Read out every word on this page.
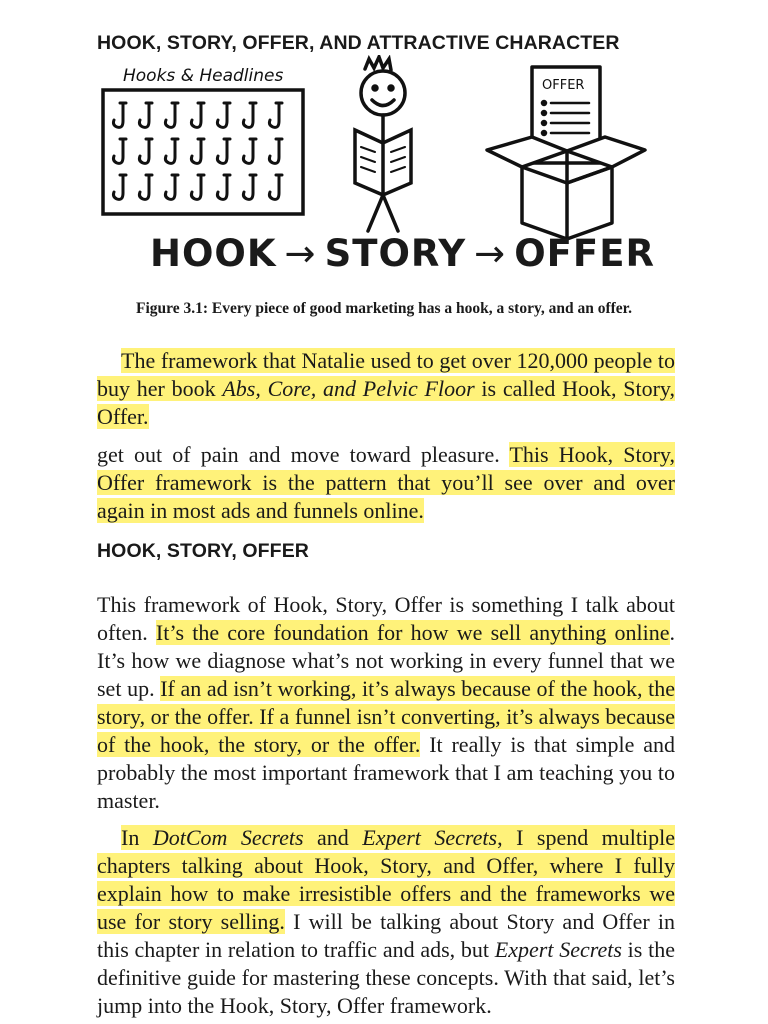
HOOK, STORY, OFFER, AND ATTRACTIVE CHARACTER
Hooks & Headlines	OFFER
HOOK → STORY → OFFER
Figure 3.1: Every piece of good marketing has a hook, a story, and an offer.
The framework that Natalie used to get over 120,000 people to buy her book Abs, Core, and Pelvic Floor is called Hook, Story, Offer.
get out of pain and move toward pleasure. This Hook, Story, Offer framework is the pattern that you’ll see over and over again in most ads and funnels online.
HOOK, STORY, OFFER
This framework of Hook, Story, Offer is something I talk about often. It’s the core foundation for how we sell anything online. It’s how we diagnose what’s not working in every funnel that we set up. If an ad isn’t working, it’s always because of the hook, the story, or the offer. If a funnel isn’t converting, it’s always because of the hook, the story, or the offer. It really is that simple and probably the most important framework that I am teaching you to master.
In DotCom Secrets and Expert Secrets, I spend multiple chapters talking about Hook, Story, and Offer, where I fully explain how to make irresistible offers and the frameworks we use for story selling. I will be talking about Story and Offer in this chapter in relation to traffic and ads, but Expert Secrets is the definitive guide for mastering these concepts. With that said, let’s jump into the Hook, Story, Offer framework.
